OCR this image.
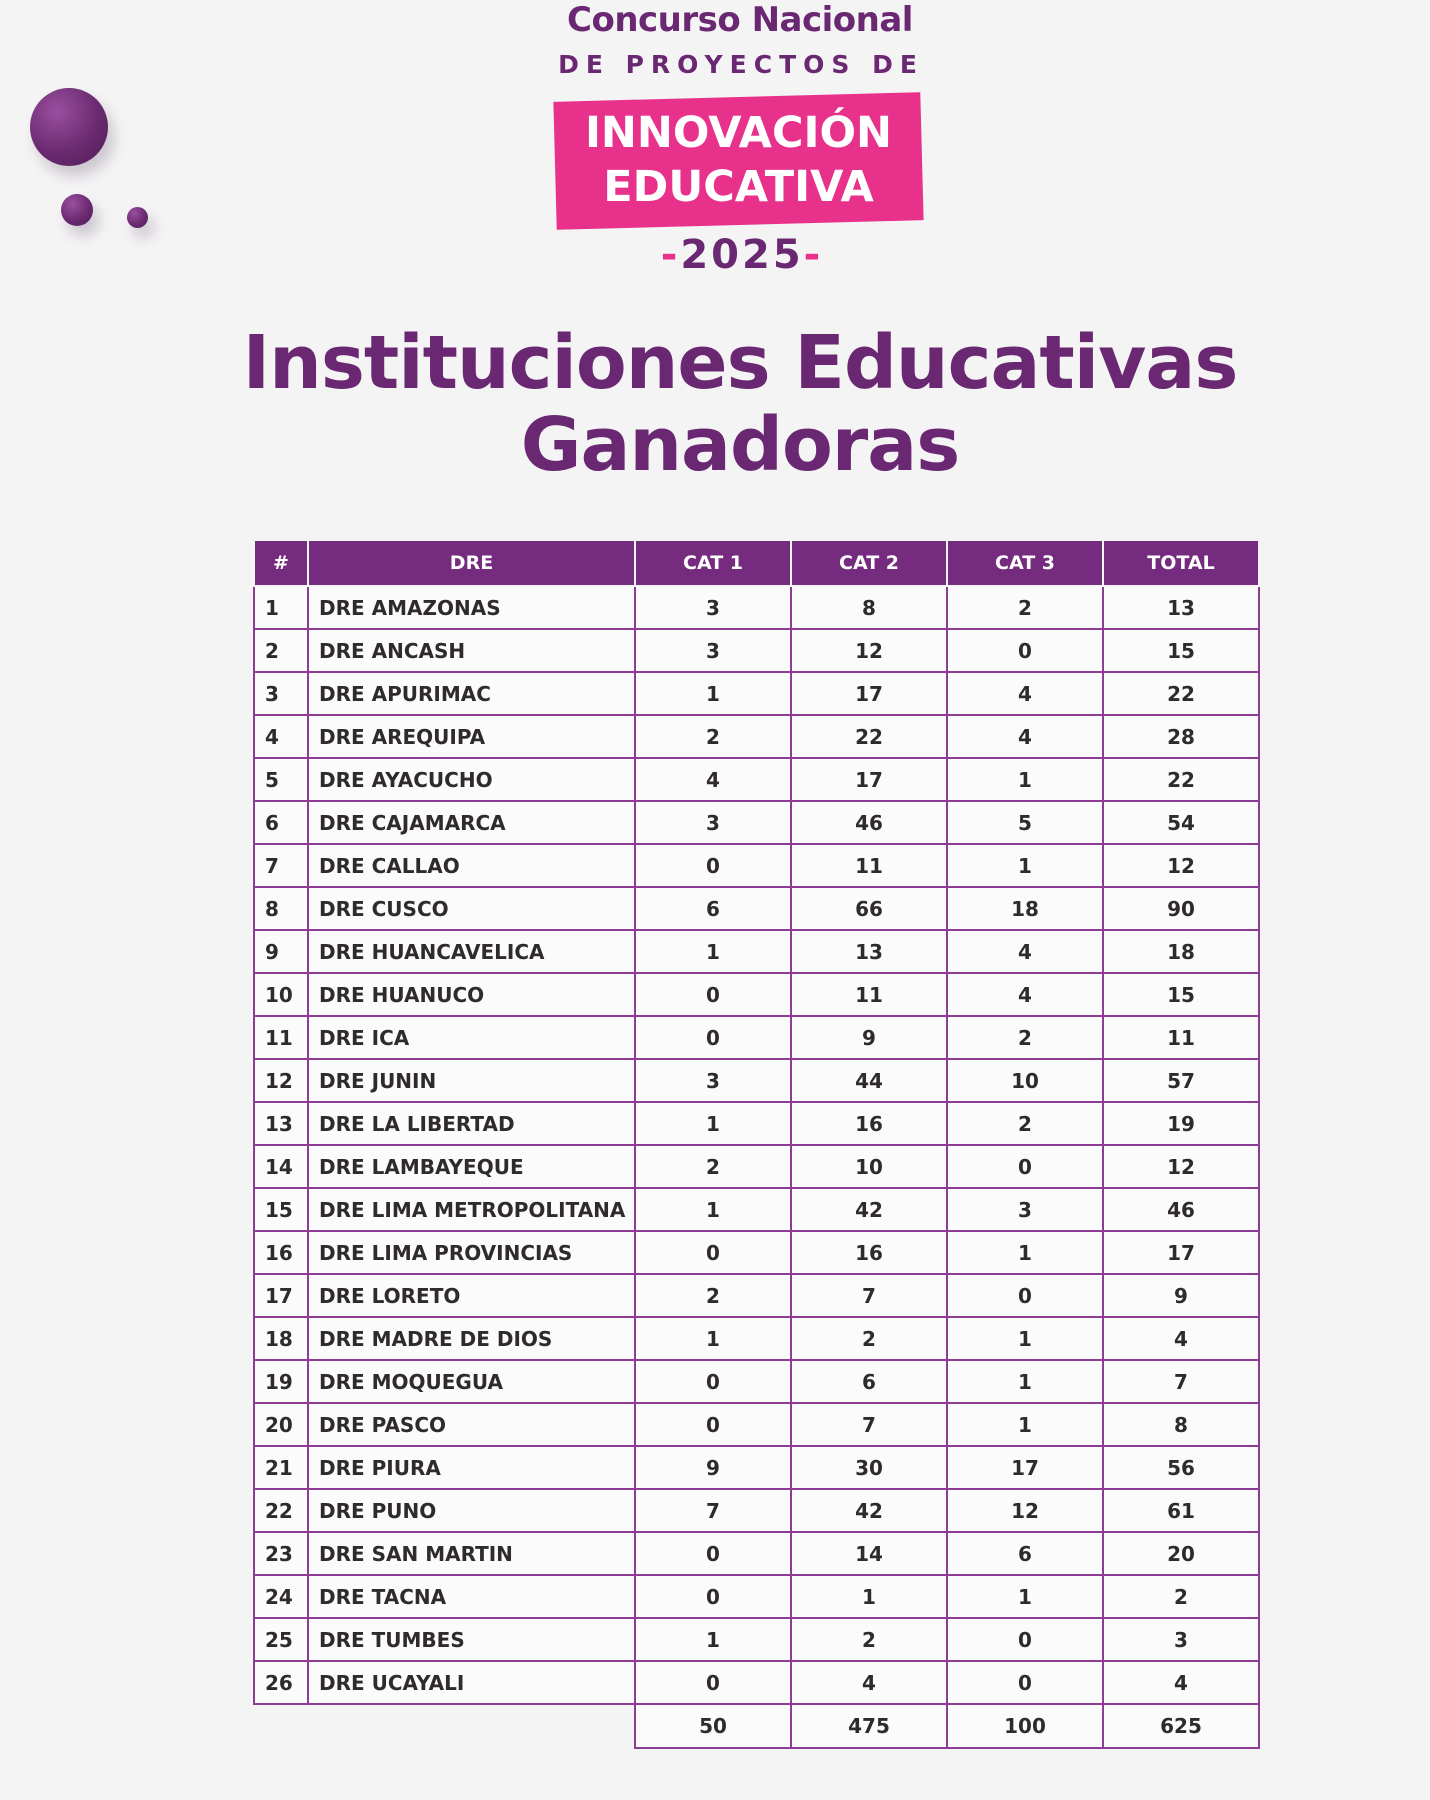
Concurso Nacional
DE PROYECTOS DE
INNOVACIÓN
EDUCATIVA
-2025-
Instituciones Educativas
Ganadoras
#	DRE	CAT 1	CAT 2	CAT 3	TOTAL
1	DRE AMAZONAS	3	8	2	13
2	DRE ANCASH	3	12	0	15
3	DRE APURIMAC	1	17	4	22
4	DRE AREQUIPA	2	22	4	28
5	DRE AYACUCHO	4	17	1	22
6	DRE CAJAMARCA	3	46	5	54
7	DRE CALLAO	0	11	1	12
8	DRE CUSCO	6	66	18	90
9	DRE HUANCAVELICA	1	13	4	18
10	DRE HUANUCO	0	11	4	15
11	DRE ICA	0	9	2	11
12	DRE JUNIN	3	44	10	57
13	DRE LA LIBERTAD	1	16	2	19
14	DRE LAMBAYEQUE	2	10	0	12
15	DRE LIMA METROPOLITANA	1	42	3	46
16	DRE LIMA PROVINCIAS	0	16	1	17
17	DRE LORETO	2	7	0	9
18	DRE MADRE DE DIOS	1	2	1	4
19	DRE MOQUEGUA	0	6	1	7
20	DRE PASCO	0	7	1	8
21	DRE PIURA	9	30	17	56
22	DRE PUNO	7	42	12	61
23	DRE SAN MARTIN	0	14	6	20
24	DRE TACNA	0	1	1	2
25	DRE TUMBES	1	2	0	3
26	DRE UCAYALI	0	4	0	4
		50	475	100	625
